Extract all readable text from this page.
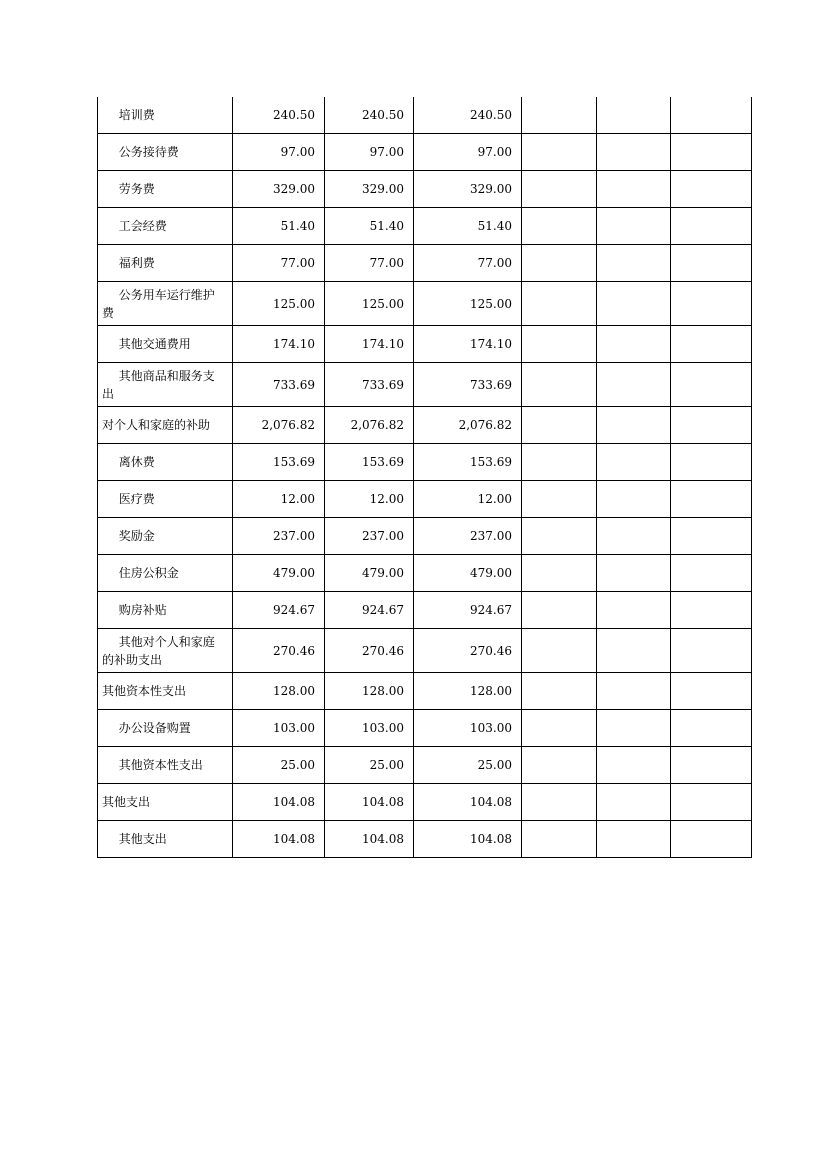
培训费	240.50	240.50	240.50			
公务接待费	97.00	97.00	97.00			
劳务费	329.00	329.00	329.00			
工会经费	51.40	51.40	51.40			
福利费	77.00	77.00	77.00			
公务用车运行维护费	125.00	125.00	125.00			
其他交通费用	174.10	174.10	174.10			
其他商品和服务支出	733.69	733.69	733.69			
对个人和家庭的补助	2,076.82	2,076.82	2,076.82			
离休费	153.69	153.69	153.69			
医疗费	12.00	12.00	12.00			
奖励金	237.00	237.00	237.00			
住房公积金	479.00	479.00	479.00			
购房补贴	924.67	924.67	924.67			
其他对个人和家庭的补助支出	270.46	270.46	270.46			
其他资本性支出	128.00	128.00	128.00			
办公设备购置	103.00	103.00	103.00			
其他资本性支出	25.00	25.00	25.00			
其他支出	104.08	104.08	104.08			
其他支出	104.08	104.08	104.08			
